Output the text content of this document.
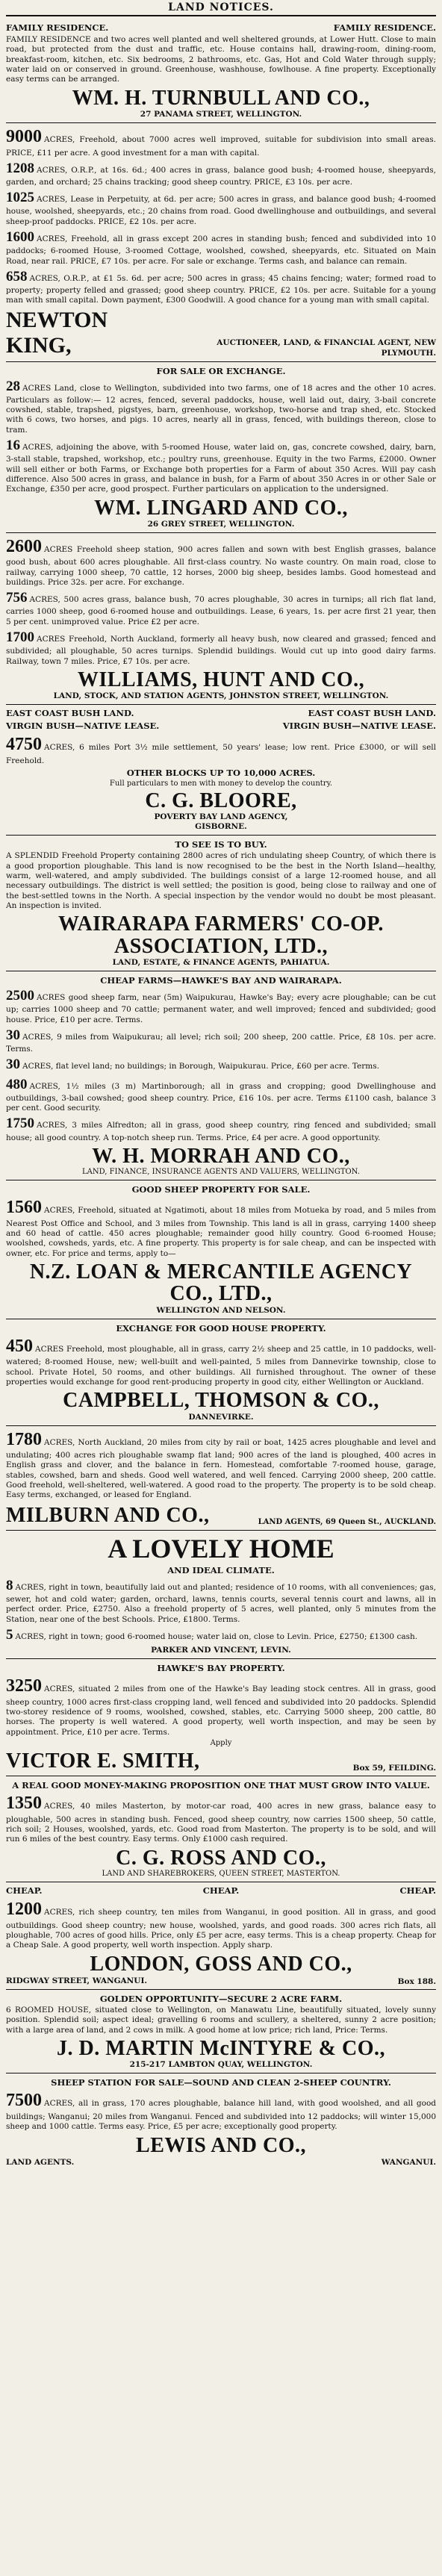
LAND NOTICES.
FAMILY RESIDENCE.	FAMILY RESIDENCE.

FAMILY RESIDENCE and two acres well planted and well sheltered grounds, at Lower Hutt. Close to main road, but protected from the dust and traffic, etc. House contains hall, drawing-room, dining-room, breakfast-room, kitchen, etc. Six bedrooms, 2 bathrooms, etc. Gas, Hot and Cold Water through supply; water laid on or conserved in ground. Greenhouse, washhouse, fowlhouse. A fine property. Exceptionally easy terms can be arranged.

WM. H. TURNBULL AND CO.,
27 PANAMA STREET, WELLINGTON.

9000 ACRES, Freehold, about 7000 acres well improved, suitable for subdivision into small areas. PRICE, £11 per acre. A good investment for a man with capital.

1208 ACRES, O.R.P., at 16s. 6d.; 400 acres in grass, balance good bush; 4-roomed house, sheepyards, garden, and orchard; 25 chains tracking; good sheep country. PRICE, £3 10s. per acre.

1025 ACRES, Lease in Perpetuity, at 6d. per acre; 500 acres in grass, and balance good bush; 4-roomed house, woolshed, sheepyards, etc.; 20 chains from road. Good dwellinghouse and outbuildings, and several sheep-proof paddocks. PRICE, £2 10s. per acre.

1600 ACRES, Freehold, all in grass except 200 acres in standing bush; fenced and subdivided into 10 paddocks; 6-roomed House, 3-roomed Cottage, woolshed, cowshed, sheepyards, etc. Situated on Main Road, near rail. PRICE, £7 10s. per acre. For sale or exchange. Terms cash, and balance can remain.

658 ACRES, O.R.P., at £1 5s. 6d. per acre; 500 acres in grass; 45 chains fencing; water; formed road to property; property felled and grassed; good sheep country. PRICE, £2 10s. per acre. Suitable for a young man with small capital. Down payment, £300 Goodwill. A good chance for a young man with small capital.

NEWTON KING,	AUCTIONEER, LAND, & FINANCIAL AGENT, NEW PLYMOUTH.
FOR SALE OR EXCHANGE.

28 ACRES Land, close to Wellington, subdivided into two farms, one of 18 acres and the other 10 acres. Particulars as follow:— 12 acres, fenced, several paddocks, house, well laid out, dairy, 3-bail concrete cowshed, stable, trapshed, pigstyes, barn, greenhouse, workshop, two-horse and trap shed, etc. Stocked with 6 cows, two horses, and pigs. 10 acres, nearly all in grass, fenced, with buildings thereon, close to tram.

16 ACRES, adjoining the above, with 5-roomed House, water laid on, gas, concrete cowshed, dairy, barn, 3-stall stable, trapshed, workshop, etc.; poultry runs, greenhouse. Equity in the two Farms, £2000. Owner will sell either or both Farms, or Exchange both properties for a Farm of about 350 Acres. Will pay cash difference. Also 500 acres in grass, and balance in bush, for a Farm of about 350 Acres in or other Sale or Exchange, £350 per acre, good prospect. Further particulars on application to the undersigned.

WM. LINGARD AND CO.,
26 GREY STREET, WELLINGTON.

2600 ACRES Freehold sheep station, 900 acres fallen and sown with best English grasses, balance good bush, about 600 acres ploughable. All first-class country. No waste country. On main road, close to railway, carrying 1000 sheep, 70 cattle, 12 horses, 2000 big sheep, besides lambs. Good homestead and buildings. Price 32s. per acre. For exchange.

756 ACRES, 500 acres grass, balance bush, 70 acres ploughable, 30 acres in turnips; all rich flat land, carries 1000 sheep, good 6-roomed house and outbuildings. Lease, 6 years, 1s. per acre first 21 year, then 5 per cent. unimproved value. Price £2 per acre.

1700 ACRES Freehold, North Auckland, formerly all heavy bush, now cleared and grassed; fenced and subdivided; all ploughable, 50 acres turnips. Splendid buildings. Would cut up into good dairy farms. Railway, town 7 miles. Price, £7 10s. per acre.

WILLIAMS, HUNT AND CO.,
LAND, STOCK, AND STATION AGENTS, JOHNSTON STREET, WELLINGTON.
EAST COAST BUSH LAND.	EAST COAST BUSH LAND.
VIRGIN BUSH—NATIVE LEASE.	VIRGIN BUSH—NATIVE LEASE.

4750 ACRES, 6 miles Port 3½ mile settlement, 50 years' lease; low rent. Price £3000, or will sell Freehold.

OTHER BLOCKS UP TO 10,000 ACRES.
Full particulars to men with money to develop the country.
C. G. BLOORE,
POVERTY BAY LAND AGENCY,
GISBORNE.
TO SEE IS TO BUY.

A SPLENDID Freehold Property containing 2800 acres of rich undulating sheep Country, of which there is a good proportion ploughable. This land is now recognised to be the best in the North Island—healthy, warm, well-watered, and amply subdivided. The buildings consist of a large 12-roomed house, and all necessary outbuildings. The district is well settled; the position is good, being close to railway and one of the best-settled towns in the North. A special inspection by the vendor would no doubt be most pleasant. An inspection is invited.

WAIRARAPA FARMERS' CO-OP. ASSOCIATION, LTD.,
LAND, ESTATE, & FINANCE AGENTS, PAHIATUA.
CHEAP FARMS—HAWKE'S BAY AND WAIRARAPA.

2500 ACRES good sheep farm, near (5m) Waipukurau, Hawke's Bay; every acre ploughable; can be cut up; carries 1000 sheep and 70 cattle; permanent water, and well improved; fenced and subdivided; good house. Price, £10 per acre. Terms.

30 ACRES, 9 miles from Waipukurau; all level; rich soil; 200 sheep, 200 cattle. Price, £8 10s. per acre. Terms.

30 ACRES, flat level land; no buildings; in Borough, Waipukurau. Price, £60 per acre. Terms.

480 ACRES, 1½ miles (3 m) Martinborough; all in grass and cropping; good Dwellinghouse and outbuildings, 3-bail cowshed; good sheep country. Price, £16 10s. per acre. Terms £1100 cash, balance 3 per cent. Good security.

1750 ACRES, 3 miles Alfredton; all in grass, good sheep country, ring fenced and subdivided; small house; all good country. A top-notch sheep run. Terms. Price, £4 per acre. A good opportunity.

W. H. MORRAH AND CO.,
LAND, FINANCE, INSURANCE AGENTS AND VALUERS, WELLINGTON.
GOOD SHEEP PROPERTY FOR SALE.

1560 ACRES, Freehold, situated at Ngatimoti, about 18 miles from Motueka by road, and 5 miles from Nearest Post Office and School, and 3 miles from Township. This land is all in grass, carrying 1400 sheep and 60 head of cattle. 450 acres ploughable; remainder good hilly country. Good 6-roomed House; woolshed, cowsheds, yards, etc. A fine property. This property is for sale cheap, and can be inspected with owner, etc. For price and terms, apply to—

N.Z. LOAN & MERCANTILE AGENCY CO., LTD.,
WELLINGTON AND NELSON.
EXCHANGE FOR GOOD HOUSE PROPERTY.

450 ACRES Freehold, most ploughable, all in grass, carry 2½ sheep and 25 cattle, in 10 paddocks, well-watered; 8-roomed House, new; well-built and well-painted, 5 miles from Dannevirke township, close to school. Private Hotel, 50 rooms, and other buildings. All furnished throughout. The owner of these properties would exchange for good rent-producing property in good city, either Wellington or Auckland.

CAMPBELL, THOMSON & CO.,
DANNEVIRKE.

1780 ACRES, North Auckland, 20 miles from city by rail or boat, 1425 acres ploughable and level and undulating; 400 acres rich ploughable swamp flat land; 900 acres of the land is ploughed, 400 acres in English grass and clover, and the balance in fern. Homestead, comfortable 7-roomed house, garage, stables, cowshed, barn and sheds. Good well watered, and well fenced. Carrying 2000 sheep, 200 cattle. Good freehold, well-sheltered, well-watered. A good road to the property. The property is to be sold cheap. Easy terms, exchanged, or leased for England.

MILBURN AND CO.,	LAND AGENTS, 69 Queen St., AUCKLAND.
A LOVELY HOME
AND IDEAL CLIMATE.

8 ACRES, right in town, beautifully laid out and planted; residence of 10 rooms, with all conveniences; gas, sewer, hot and cold water; garden, orchard, lawns, tennis courts, several tennis court and lawns, all in perfect order. Price, £2750. Also a freehold property of 5 acres, well planted, only 5 minutes from the Station, near one of the best Schools. Price, £1800. Terms.

5 ACRES, right in town; good 6-roomed house; water laid on, close to Levin. Price, £2750; £1300 cash.

PARKER AND VINCENT, LEVIN.
HAWKE'S BAY PROPERTY.

3250 ACRES, situated 2 miles from one of the Hawke's Bay leading stock centres. All in grass, good sheep country, 1000 acres first-class cropping land, well fenced and subdivided into 20 paddocks. Splendid two-storey residence of 9 rooms, woolshed, cowshed, stables, etc. Carrying 5000 sheep, 200 cattle, 80 horses. The property is well watered. A good property, well worth inspection, and may be seen by appointment. Price, £10 per acre. Terms.

Apply
VICTOR E. SMITH,	Box 59, FEILDING.
A REAL GOOD MONEY-MAKING PROPOSITION ONE THAT MUST GROW INTO VALUE.

1350 ACRES, 40 miles Masterton, by motor-car road, 400 acres in new grass, balance easy to ploughable, 500 acres in standing bush. Fenced, good sheep country, now carries 1500 sheep, 50 cattle, rich soil; 2 Houses, woolshed, yards, etc. Good road from Masterton. The property is to be sold, and will run 6 miles of the best country. Easy terms. Only £1000 cash required.

C. G. ROSS AND CO.,
LAND AND SHAREBROKERS, QUEEN STREET, MASTERTON.
CHEAP.	CHEAP.	CHEAP.

1200 ACRES, rich sheep country, ten miles from Wanganui, in good position. All in grass, and good outbuildings. Good sheep country; new house, woolshed, yards, and good roads. 300 acres rich flats, all ploughable, 700 acres of good hills. Price, only £5 per acre, easy terms. This is a cheap property. Cheap for a Cheap Sale. A good property, well worth inspection. Apply sharp.

LONDON, GOSS AND CO.,
RIDGWAY STREET, WANGANUI.	Box 188.
GOLDEN OPPORTUNITY—SECURE 2 ACRE FARM.

6 ROOMED HOUSE, situated close to Wellington, on Manawatu Line, beautifully situated, lovely sunny position. Splendid soil; aspect ideal; gravelling 6 rooms and scullery, a sheltered, sunny 2 acre position; with a large area of land, and 2 cows in milk. A good home at low price; rich land, Price: Terms.

J. D. MARTIN McINTYRE & CO.,
215-217 LAMBTON QUAY, WELLINGTON.
SHEEP STATION FOR SALE—SOUND AND CLEAN 2-SHEEP COUNTRY.

7500 ACRES, all in grass, 170 acres ploughable, balance hill land, with good woolshed, and all good buildings; Wanganui; 20 miles from Wanganui. Fenced and subdivided into 12 paddocks; will winter 15,000 sheep and 1000 cattle. Terms easy. Price, £5 per acre; exceptionally good property.

LEWIS AND CO.,
LAND AGENTS.	WANGANUI.
